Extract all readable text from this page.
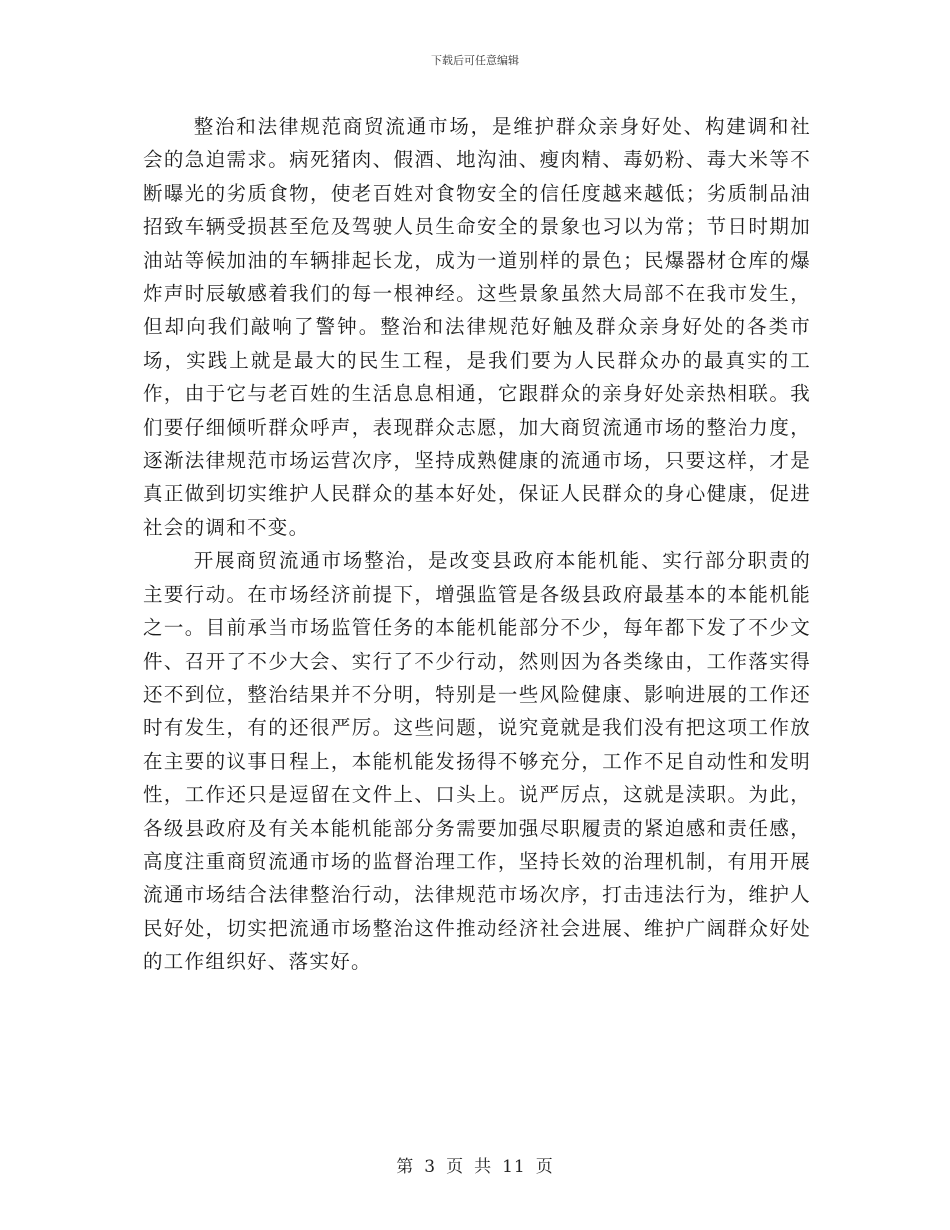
下载后可任意编辑

整治和法律规范商贸流通市场，是维护群众亲身好处、构建调和社会的急迫需求。病死猪肉、假酒、地沟油、瘦肉精、毒奶粉、毒大米等不断曝光的劣质食物，使老百姓对食物安全的信任度越来越低；劣质制品油招致车辆受损甚至危及驾驶人员生命安全的景象也习以为常；节日时期加油站等候加油的车辆排起长龙，成为一道别样的景色；民爆器材仓库的爆炸声时辰敏感着我们的每一根神经。这些景象虽然大局部不在我市发生，但却向我们敲响了警钟。整治和法律规范好触及群众亲身好处的各类市场，实践上就是最大的民生工程，是我们要为人民群众办的最真实的工作，由于它与老百姓的生活息息相通，它跟群众的亲身好处亲热相联。我们要仔细倾听群众呼声，表现群众志愿，加大商贸流通市场的整治力度，逐渐法律规范市场运营次序，坚持成熟健康的流通市场，只要这样，才是真正做到切实维护人民群众的基本好处，保证人民群众的身心健康，促进社会的调和不变。

开展商贸流通市场整治，是改变县政府本能机能、实行部分职责的主要行动。在市场经济前提下，增强监管是各级县政府最基本的本能机能之一。目前承当市场监管任务的本能机能部分不少，每年都下发了不少文件、召开了不少大会、实行了不少行动，然则因为各类缘由，工作落实得还不到位，整治结果并不分明，特别是一些风险健康、影响进展的工作还时有发生，有的还很严厉。这些问题，说究竟就是我们没有把这项工作放在主要的议事日程上，本能机能发扬得不够充分，工作不足自动性和发明性，工作还只是逗留在文件上、口头上。说严厉点，这就是渎职。为此，各级县政府及有关本能机能部分务需要加强尽职履责的紧迫感和责任感，高度注重商贸流通市场的监督治理工作，坚持长效的治理机制，有用开展流通市场结合法律整治行动，法律规范市场次序，打击违法行为，维护人民好处，切实把流通市场整治这件推动经济社会进展、维护广阔群众好处的工作组织好、落实好。

第 3 页 共 11 页
